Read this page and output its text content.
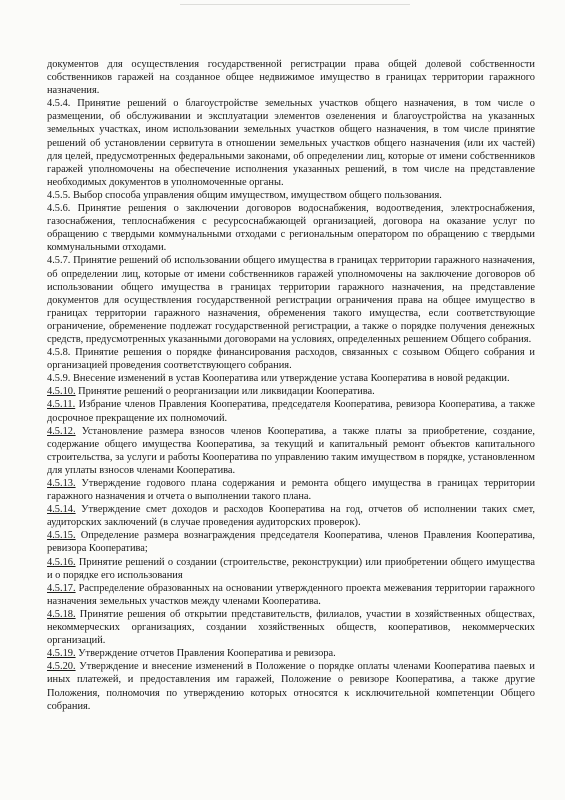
документов для осуществления государственной регистрации права общей долевой собственности собственников гаражей на созданное общее недвижимое имущество в границах территории гаражного назначения.

4.5.4. Принятие решений о благоустройстве земельных участков общего назначения, в том числе о размещении, об обслуживании и эксплуатации элементов озеленения и благоустройства на указанных земельных участках, ином использовании земельных участков общего назначения, в том числе принятие решений об установлении сервитута в отношении земельных участков общего назначения (или их частей) для целей, предусмотренных федеральными законами, об определении лиц, которые от имени собственников гаражей уполномочены на обеспечение исполнения указанных решений, в том числе на представление необходимых документов в уполномоченные органы.

4.5.5. Выбор способа управления общим имуществом, имуществом общего пользования.

4.5.6. Принятие решения о заключении договоров водоснабжения, водоотведения, электроснабжения, газоснабжения, теплоснабжения с ресурсоснабжающей организацией, договора на оказание услуг по обращению с твердыми коммунальными отходами с региональным оператором по обращению с твердыми коммунальными отходами.

4.5.7. Принятие решений об использовании общего имущества в границах территории гаражного назначения, об определении лиц, которые от имени собственников гаражей уполномочены на заключение договоров об использовании общего имущества в границах территории гаражного назначения, на представление документов для осуществления государственной регистрации ограничения права на общее имущество в границах территории гаражного назначения, обременения такого имущества, если соответствующие ограничение, обременение подлежат государственной регистрации, а также о порядке получения денежных средств, предусмотренных указанными договорами на условиях, определенных решением Общего собрания.

4.5.8. Принятие решения о порядке финансирования расходов, связанных с созывом Общего собрания и организацией проведения соответствующего собрания.

4.5.9. Внесение изменений в устав Кооператива или утверждение устава Кооператива в новой редакции.

4.5.10. Принятие решений о реорганизации или ликвидации Кооператива.

4.5.11. Избрание членов Правления Кооператива, председателя Кооператива, ревизора Кооператива, а также досрочное прекращение их полномочий.

4.5.12. Установление размера взносов членов Кооператива, а также платы за приобретение, создание, содержание общего имущества Кооператива, за текущий и капитальный ремонт объектов капитального строительства, за услуги и работы Кооператива по управлению таким имуществом в порядке, установленном для уплаты взносов членами Кооператива.

4.5.13. Утверждение годового плана содержания и ремонта общего имущества в границах территории гаражного назначения и отчета о выполнении такого плана.

4.5.14. Утверждение смет доходов и расходов Кооператива на год, отчетов об исполнении таких смет, аудиторских заключений (в случае проведения аудиторских проверок).

4.5.15. Определение размера вознаграждения председателя Кооператива, членов Правления Кооператива, ревизора Кооператива;

4.5.16. Принятие решений о создании (строительстве, реконструкции) или приобретении общего имущества и о порядке его использования

4.5.17. Распределение образованных на основании утвержденного проекта межевания территории гаражного назначения земельных участков между членами Кооператива.

4.5.18. Принятие решения об открытии представительств, филиалов, участии в хозяйственных обществах, некоммерческих организациях, создании хозяйственных обществ, кооперативов, некоммерческих организаций.

4.5.19. Утверждение отчетов Правления Кооператива и ревизора.

4.5.20. Утверждение и внесение изменений в Положение о порядке оплаты членами Кооператива паевых и иных платежей, и предоставления им гаражей, Положение о ревизоре Кооператива, а также другие Положения, полномочия по утверждению которых относятся к исключительной компетенции Общего собрания.
